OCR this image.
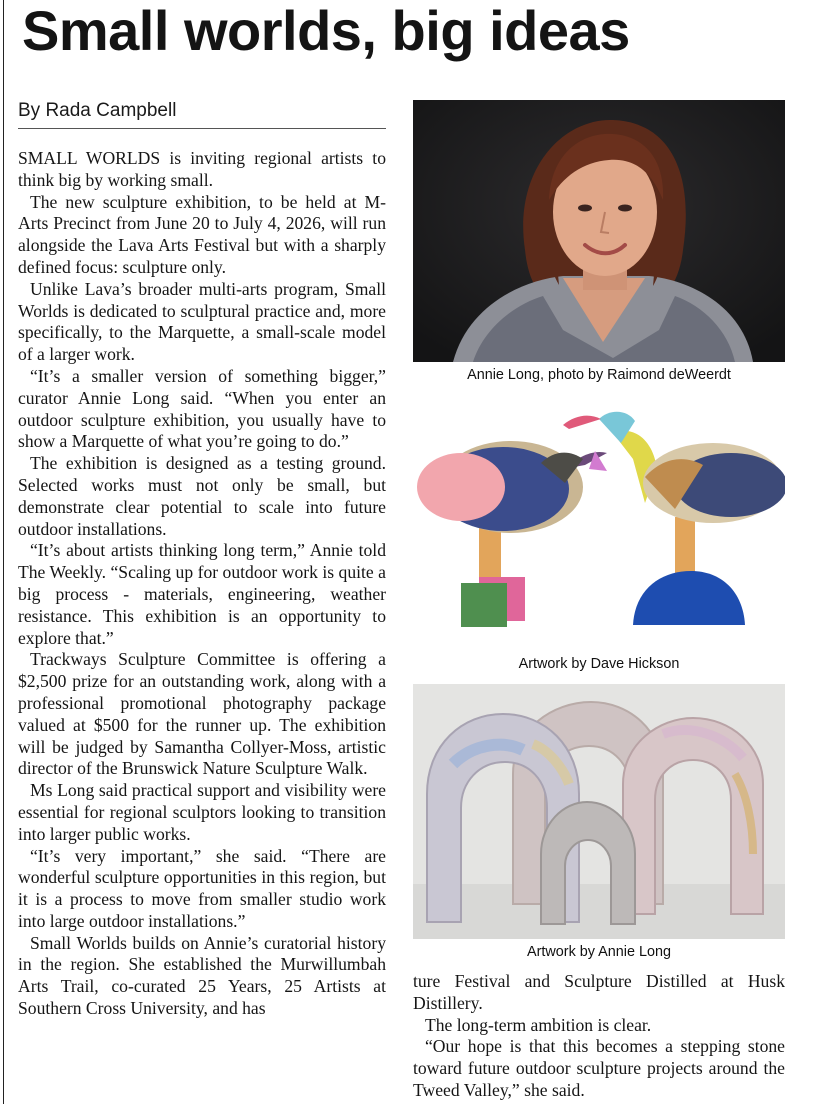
Small worlds, big ideas
By Rada Campbell

SMALL WORLDS is inviting regional artists to think big by working small.

The new sculpture exhibition, to be held at M-Arts Precinct from June 20 to July 4, 2026, will run alongside the Lava Arts Festival but with a sharply defined focus: sculpture only.

Unlike Lava’s broader multi-arts program, Small Worlds is dedicated to sculptural practice and, more specifically, to the Marquette, a small-scale model of a larger work.

“It’s a smaller version of something bigger,” curator Annie Long said. “When you enter an outdoor sculpture exhibition, you usually have to show a Marquette of what you’re going to do.”

The exhibition is designed as a testing ground. Selected works must not only be small, but demonstrate clear potential to scale into future outdoor installations.

“It’s about artists thinking long term,” Annie told The Weekly. “Scaling up for outdoor work is quite a big process - materials, engineering, weather resistance. This exhibition is an opportunity to explore that.”

Trackways Sculpture Committee is offering a $2,500 prize for an outstanding work, along with a professional promotional photography package valued at $500 for the runner up. The exhibition will be judged by Samantha Collyer-Moss, artistic director of the Brunswick Nature Sculpture Walk.

Ms Long said practical support and visibility were essential for regional sculptors looking to transition into larger public works.

“It’s very important,” she said. “There are wonderful sculpture opportunities in this region, but it is a process to move from smaller studio work into large outdoor installations.”

Small Worlds builds on Annie’s curatorial history in the region. She established the Murwillumbah Arts Trail, co-curated 25 Years, 25 Artists at Southern Cross University, and has

Annie Long, photo by Raimond deWeerdt
Artwork by Dave Hickson
Artwork by Annie Long

ture Festival and Sculpture Distilled at Husk Distillery.

The long-term ambition is clear.

“Our hope is that this becomes a stepping stone toward future outdoor sculpture projects around the Tweed Valley,” she said.
